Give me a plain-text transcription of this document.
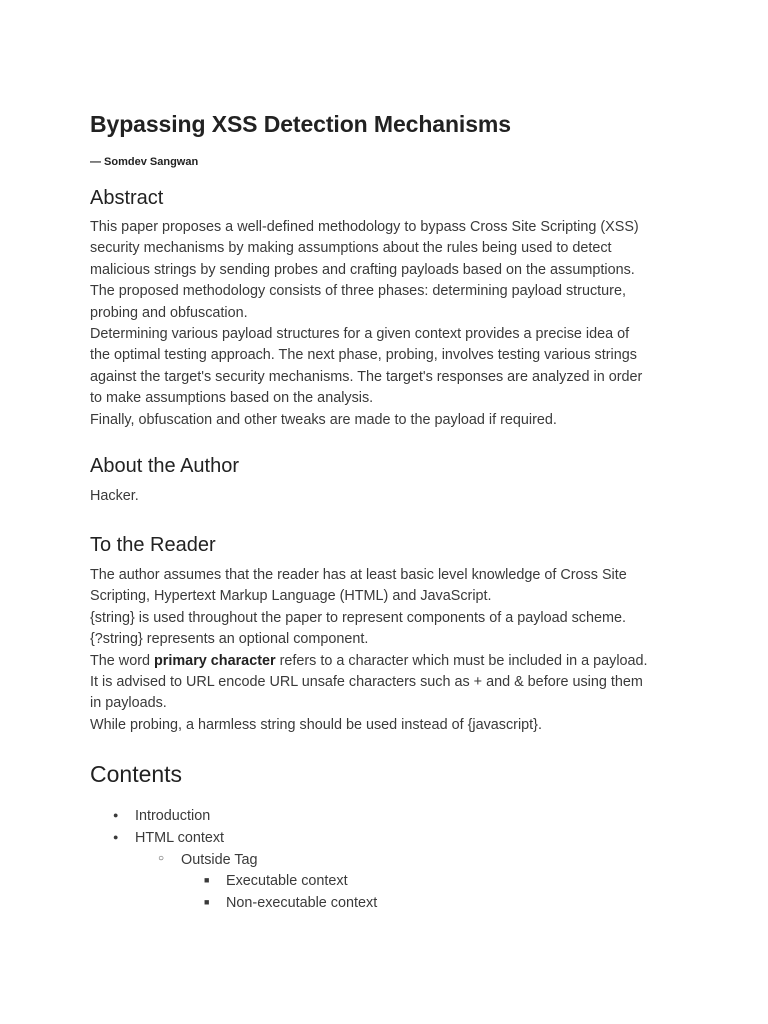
Bypassing XSS Detection Mechanisms
— Somdev Sangwan
Abstract

This paper proposes a well-defined methodology to bypass Cross Site Scripting (XSS)

security mechanisms by making assumptions about the rules being used to detect

malicious strings by sending probes and crafting payloads based on the assumptions.

The proposed methodology consists of three phases: determining payload structure,

probing and obfuscation.

Determining various payload structures for a given context provides a precise idea of

the optimal testing approach. The next phase, probing, involves testing various strings

against the target's security mechanisms. The target's responses are analyzed in order

to make assumptions based on the analysis.

Finally, obfuscation and other tweaks are made to the payload if required.

About the Author

Hacker.

To the Reader

The author assumes that the reader has at least basic level knowledge of Cross Site

Scripting, Hypertext Markup Language (HTML) and JavaScript.

{string} is used throughout the paper to represent components of a payload scheme.

{?string} represents an optional component.

The word primary character refers to a character which must be included in a payload.

It is advised to URL encode URL unsafe characters such as + and & before using them

in payloads.

While probing, a harmless string should be used instead of {javascript}.

Contents
●
Introduction
●
HTML context
○
Outside Tag
■
Executable context
■
Non-executable context
